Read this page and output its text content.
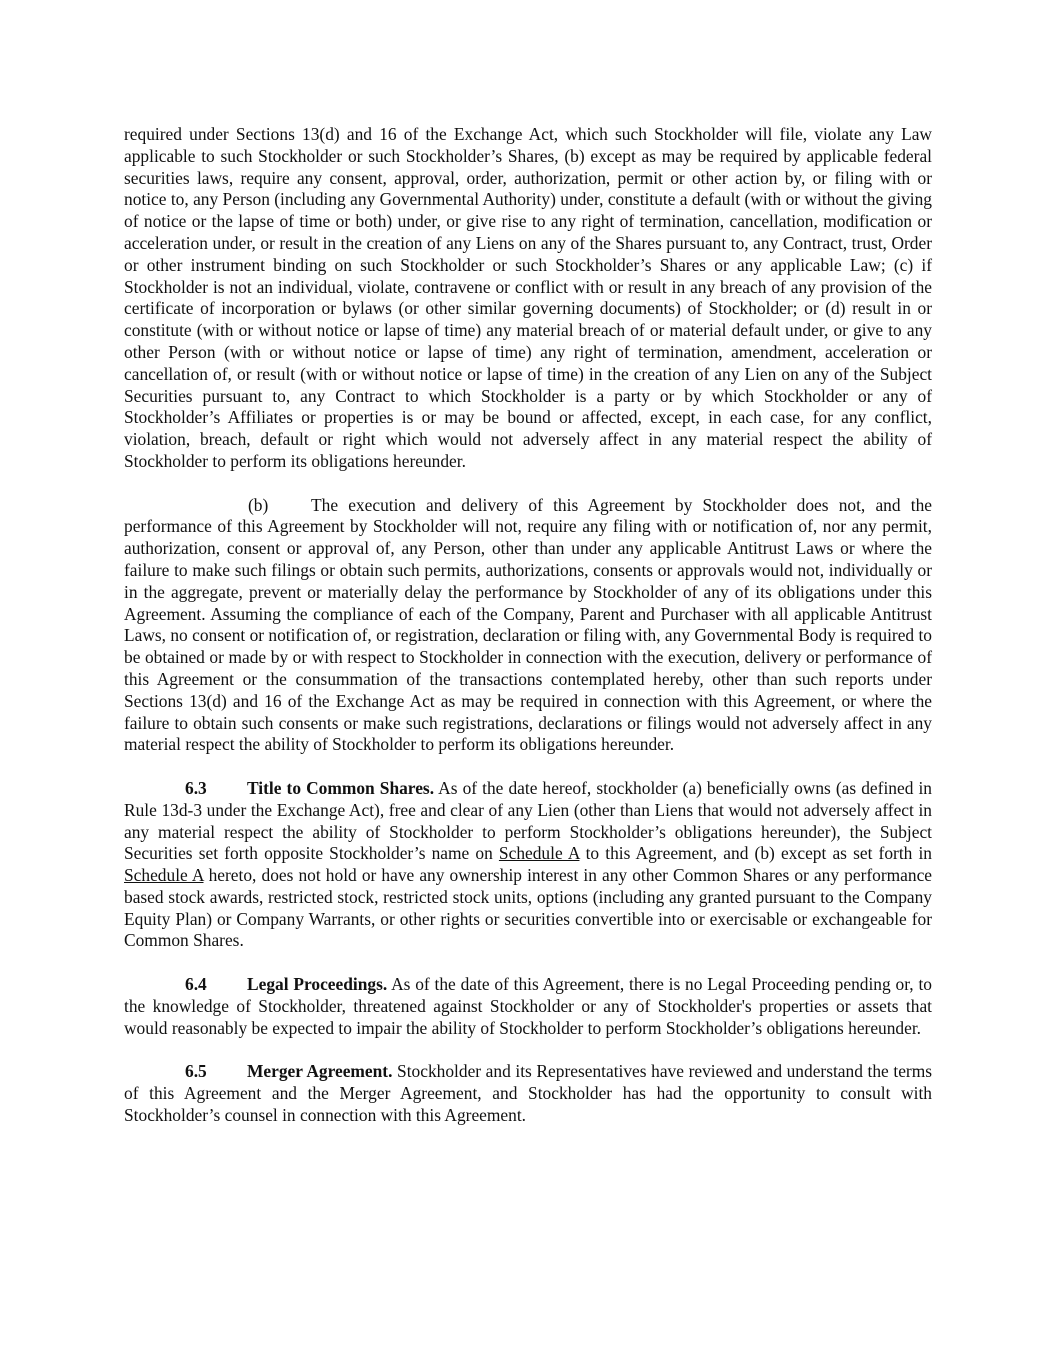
required under Sections 13(d) and 16 of the Exchange Act, which such Stockholder will file, violate any Law applicable to such Stockholder or such Stockholder’s Shares, (b) except as may be required by applicable federal securities laws, require any consent, approval, order, authorization, permit or other action by, or filing with or notice to, any Person (including any Governmental Authority) under, constitute a default (with or without the giving of notice or the lapse of time or both) under, or give rise to any right of termination, cancellation, modification or acceleration under, or result in the creation of any Liens on any of the Shares pursuant to, any Contract, trust, Order or other instrument binding on such Stockholder or such Stockholder’s Shares or any applicable Law; (c) if Stockholder is not an individual, violate, contravene or conflict with or result in any breach of any provision of the certificate of incorporation or bylaws (or other similar governing documents) of Stockholder; or (d) result in or constitute (with or without notice or lapse of time) any material breach of or material default under, or give to any other Person (with or without notice or lapse of time) any right of termination, amendment, acceleration or cancellation of, or result (with or without notice or lapse of time) in the creation of any Lien on any of the Subject Securities pursuant to, any Contract to which Stockholder is a party or by which Stockholder or any of Stockholder’s Affiliates or properties is or may be bound or affected, except, in each case, for any conflict, violation, breach, default or right which would not adversely affect in any material respect the ability of Stockholder to perform its obligations hereunder.

(b) The execution and delivery of this Agreement by Stockholder does not, and the performance of this Agreement by Stockholder will not, require any filing with or notification of, nor any permit, authorization, consent or approval of, any Person, other than under any applicable Antitrust Laws or where the failure to make such filings or obtain such permits, authorizations, consents or approvals would not, individually or in the aggregate, prevent or materially delay the performance by Stockholder of any of its obligations under this Agreement. Assuming the compliance of each of the Company, Parent and Purchaser with all applicable Antitrust Laws, no consent or notification of, or registration, declaration or filing with, any Governmental Body is required to be obtained or made by or with respect to Stockholder in connection with the execution, delivery or performance of this Agreement or the consummation of the transactions contemplated hereby, other than such reports under Sections 13(d) and 16 of the Exchange Act as may be required in connection with this Agreement, or where the failure to obtain such consents or make such registrations, declarations or filings would not adversely affect in any material respect the ability of Stockholder to perform its obligations hereunder.

6.3 Title to Common Shares. As of the date hereof, stockholder (a) beneficially owns (as defined in Rule 13d-3 under the Exchange Act), free and clear of any Lien (other than Liens that would not adversely affect in any material respect the ability of Stockholder to perform Stockholder’s obligations hereunder), the Subject Securities set forth opposite Stockholder’s name on Schedule A to this Agreement, and (b) except as set forth in Schedule A hereto, does not hold or have any ownership interest in any other Common Shares or any performance based stock awards, restricted stock, restricted stock units, options (including any granted pursuant to the Company Equity Plan) or Company Warrants, or other rights or securities convertible into or exercisable or exchangeable for Common Shares.

6.4 Legal Proceedings. As of the date of this Agreement, there is no Legal Proceeding pending or, to the knowledge of Stockholder, threatened against Stockholder or any of Stockholder's properties or assets that would reasonably be expected to impair the ability of Stockholder to perform Stockholder’s obligations hereunder.

6.5 Merger Agreement. Stockholder and its Representatives have reviewed and understand the terms of this Agreement and the Merger Agreement, and Stockholder has had the opportunity to consult with Stockholder’s counsel in connection with this Agreement.
